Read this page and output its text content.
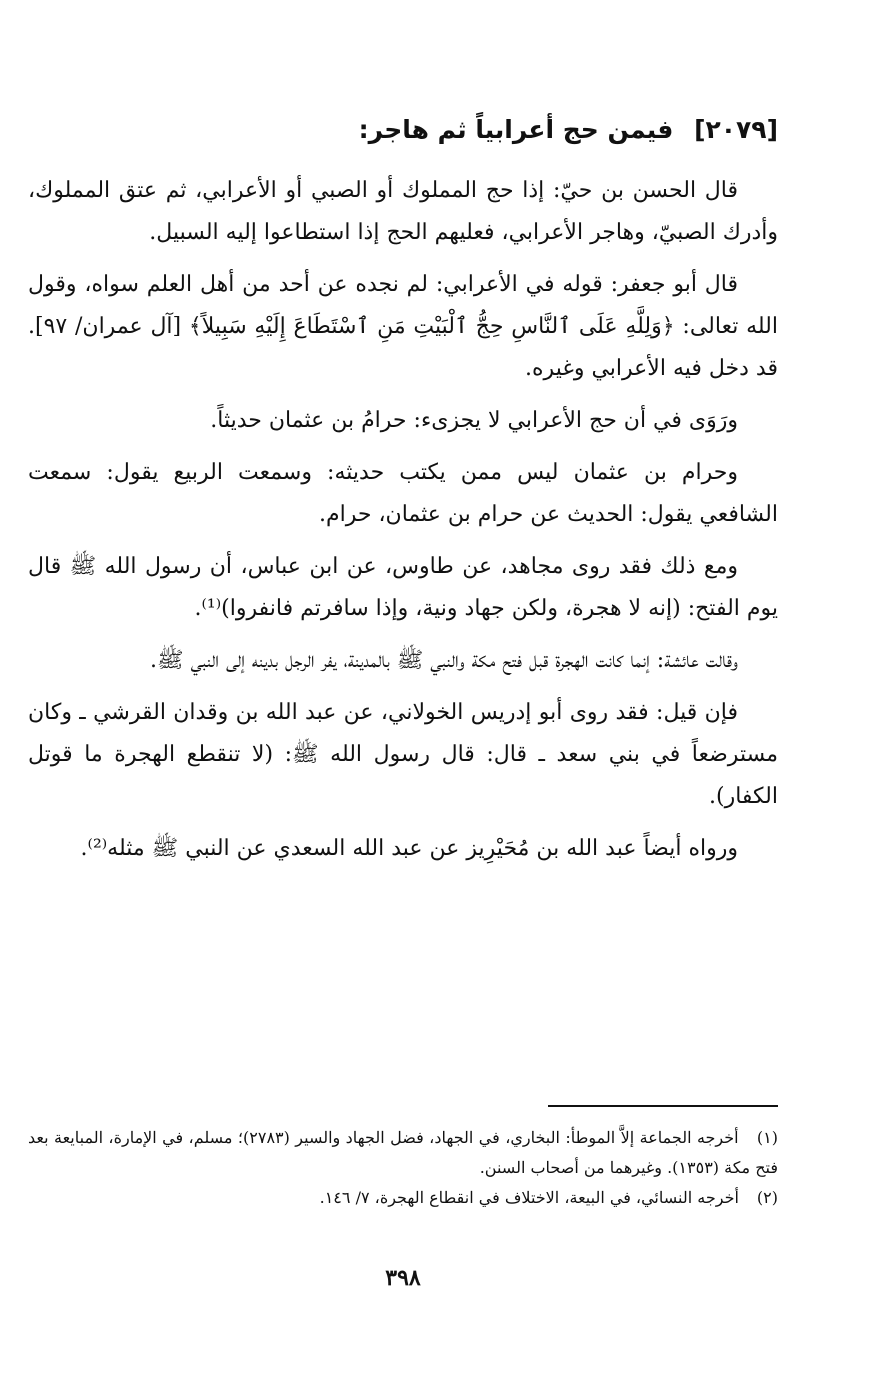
[٢٠٧٩] فيمن حج أعرابياً ثم هاجر:

قال الحسن بن حيّ: إذا حج المملوك أو الصبي أو الأعرابي، ثم عتق المملوك، وأدرك الصبيّ، وهاجر الأعرابي، فعليهم الحج إذا استطاعوا إليه السبيل.

قال أبو جعفر: قوله في الأعرابي: لم نجده عن أحد من أهل العلم سواه، وقول الله تعالى: ﴿وَلِلَّهِ عَلَى ٱلنَّاسِ حِجُّ ٱلْبَيْتِ مَنِ ٱسْتَطَاعَ إِلَيْهِ سَبِيلاً﴾ [آل عمران/ ٩٧]. قد دخل فيه الأعرابي وغيره.

ورَوَى في أن حج الأعرابي لا يجزىء: حرامُ بن عثمان حديثاً.

وحرام بن عثمان ليس ممن يكتب حديثه: وسمعت الربيع يقول: سمعت الشافعي يقول: الحديث عن حرام بن عثمان، حرام.

ومع ذلك فقد روى مجاهد، عن طاوس، عن ابن عباس، أن رسول الله ﷺ قال يوم الفتح: (إنه لا هجرة، ولكن جهاد ونية، وإذا سافرتم فانفروا)⁽¹⁾.

وقالت عائشة: إنما كانت الهجرة قبل فتح مكة والنبي ﷺ بالمدينة، يفر الرجل بدينه إلى النبي ﷺ.

فإن قيل: فقد روى أبو إدريس الخولاني، عن عبد الله بن وقدان القرشي ـ وكان مسترضعاً في بني سعد ـ قال: قال رسول الله ﷺ: (لا تنقطع الهجرة ما قوتل الكفار).

ورواه أيضاً عبد الله بن مُحَيْرِيز عن عبد الله السعدي عن النبي ﷺ مثله⁽²⁾.

(١) أخرجه الجماعة إلاَّ الموطأ: البخاري، في الجهاد، فضل الجهاد والسير (٢٧٨٣)؛ مسلم، في الإمارة، المبايعة بعد فتح مكة (١٣٥٣). وغيرهما من أصحاب السنن.

(٢) أخرجه النسائي، في البيعة، الاختلاف في انقطاع الهجرة، ٧/ ١٤٦.

٣٩٨
